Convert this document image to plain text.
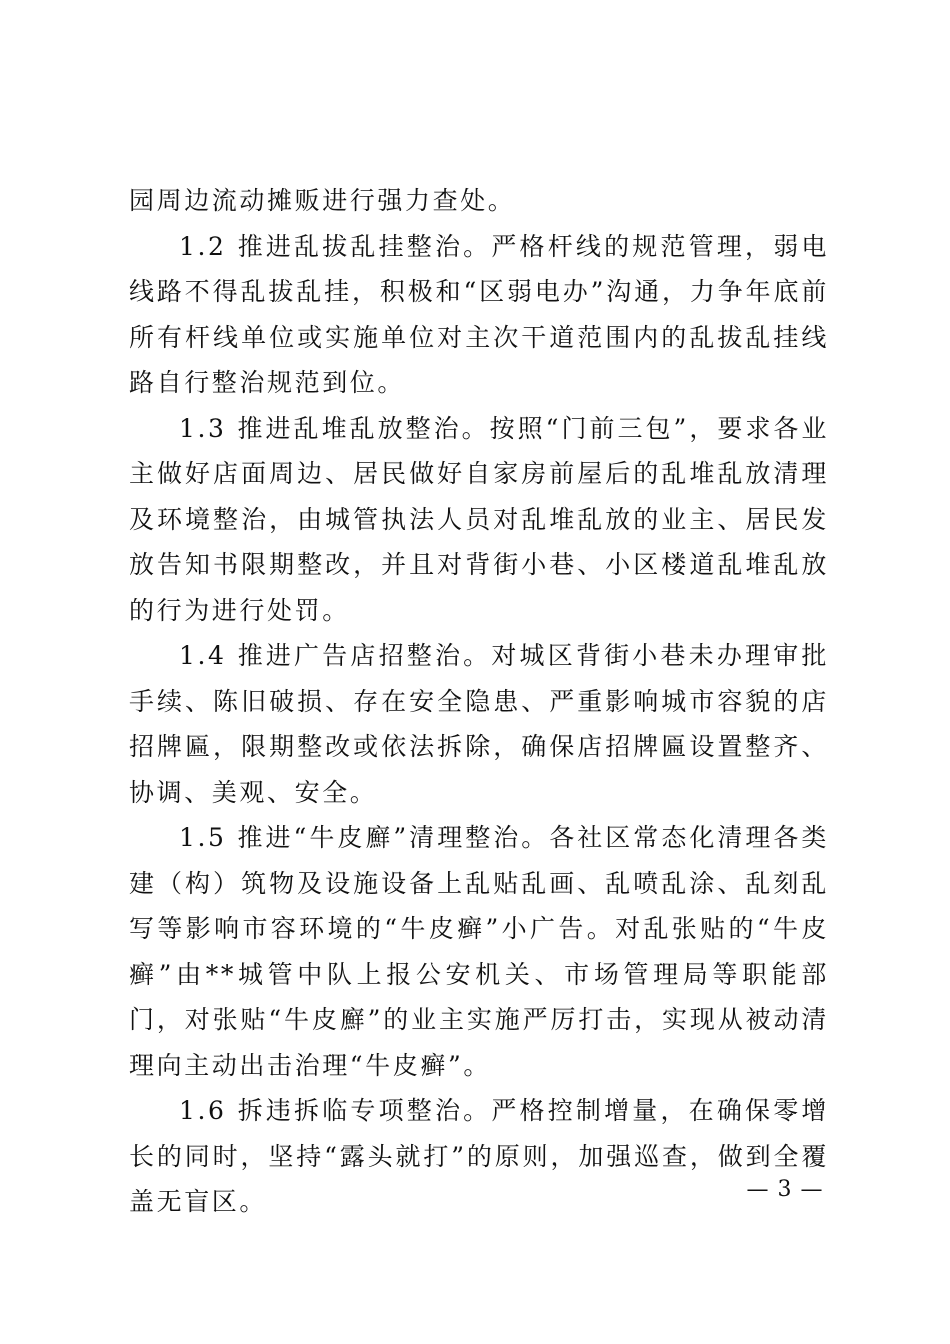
园周边流动摊贩进行强力查处。

1.2 推进乱拔乱挂整治。严格杆线的规范管理，弱电线路不得乱拔乱挂，积极和“区弱电办”沟通，力争年底前所有杆线单位或实施单位对主次干道范围内的乱拔乱挂线路自行整治规范到位。

1.3 推进乱堆乱放整治。按照“门前三包”，要求各业主做好店面周边、居民做好自家房前屋后的乱堆乱放清理及环境整治，由城管执法人员对乱堆乱放的业主、居民发放告知书限期整改，并且对背街小巷、小区楼道乱堆乱放的行为进行处罚。

1.4 推进广告店招整治。对城区背街小巷未办理审批手续、陈旧破损、存在安全隐患、严重影响城市容貌的店招牌匾，限期整改或依法拆除，确保店招牌匾设置整齐、协调、美观、安全。

1.5 推进“牛皮廯”清理整治。各社区常态化清理各类建（构）筑物及设施设备上乱贴乱画、乱喷乱涂、乱刻乱写等影响市容环境的“牛皮癣”小广告。对乱张贴的“牛皮癣”由**城管中队上报公安机关、市场管理局等职能部门，对张贴“牛皮廯”的业主实施严厉打击，实现从被动清理向主动出击治理“牛皮癣”。

1.6 拆违拆临专项整治。严格控制增量，在确保零增长的同时，坚持“露头就打”的原则，加强巡查，做到全覆盖无盲区。	— 3 —
